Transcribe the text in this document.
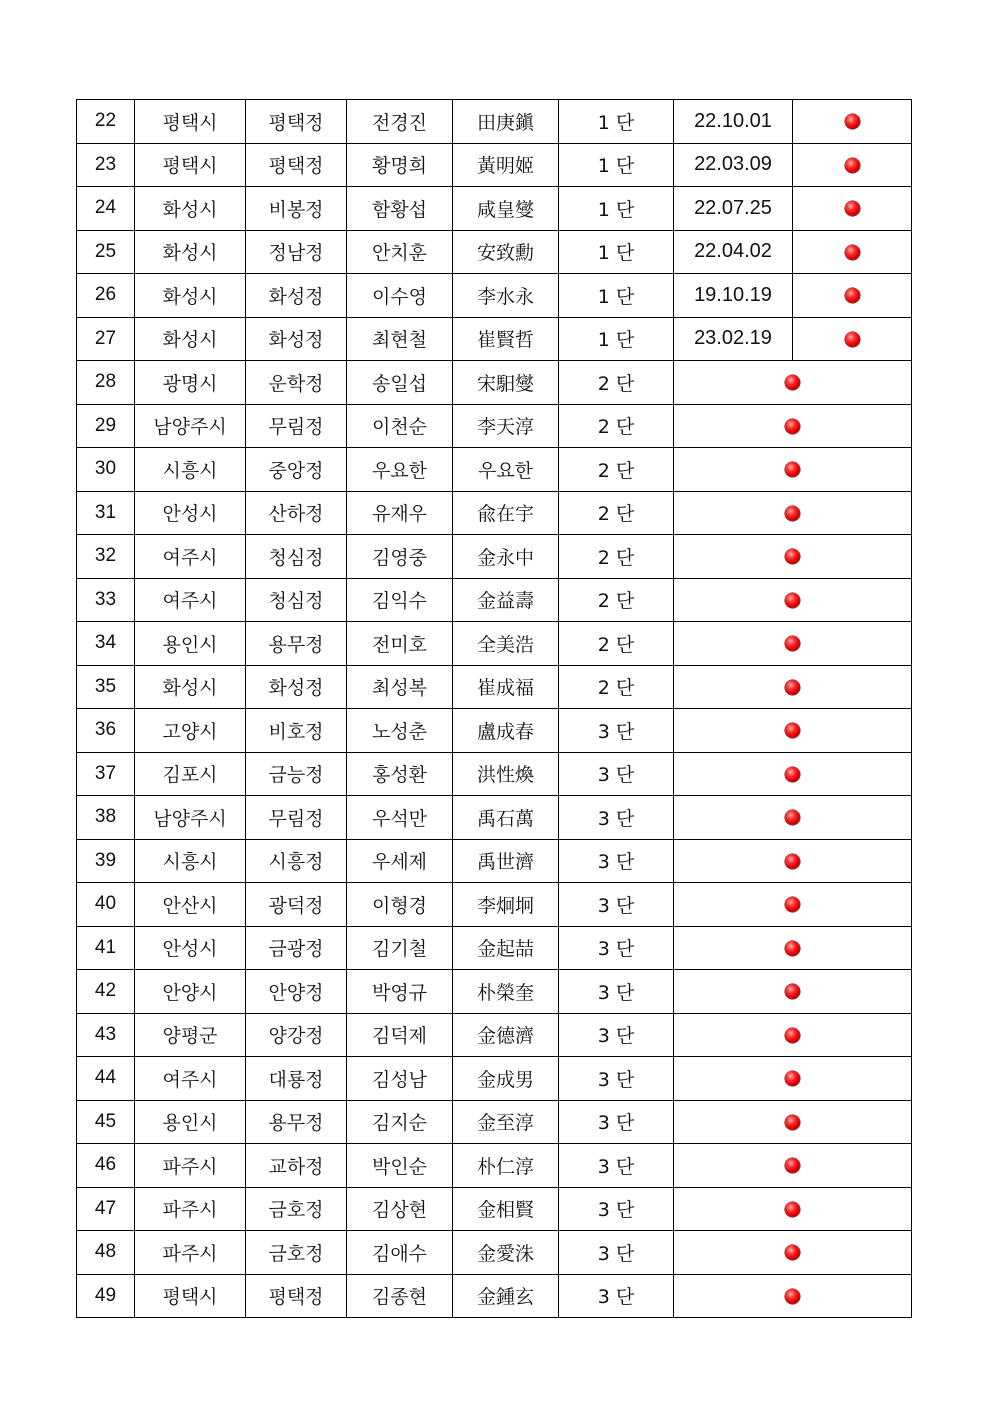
22	평택시	평택정	전경진	田庚鎭	1 단	22.10.01	
23	평택시	평택정	황명희	黃明姬	1 단	22.03.09	
24	화성시	비봉정	함황섭	咸皇燮	1 단	22.07.25	
25	화성시	정남정	안치훈	安致勳	1 단	22.04.02	
26	화성시	화성정	이수영	李水永	1 단	19.10.19	
27	화성시	화성정	최현철	崔賢哲	1 단	23.02.19	
28	광명시	운학정	송일섭	宋馹燮	2 단		
29	남양주시	무림정	이천순	李天淳	2 단		
30	시흥시	중앙정	우요한	우요한	2 단		
31	안성시	산하정	유재우	兪在宇	2 단		
32	여주시	청심정	김영중	金永中	2 단		
33	여주시	청심정	김익수	金益壽	2 단		
34	용인시	용무정	전미호	全美浩	2 단		
35	화성시	화성정	최성복	崔成福	2 단		
36	고양시	비호정	노성춘	盧成春	3 단		
37	김포시	금능정	홍성환	洪性煥	3 단		
38	남양주시	무림정	우석만	禹石萬	3 단		
39	시흥시	시흥정	우세제	禹世濟	3 단		
40	안산시	광덕정	이형경	李炯坰	3 단		
41	안성시	금광정	김기철	金起喆	3 단		
42	안양시	안양정	박영규	朴榮奎	3 단		
43	양평군	양강정	김덕제	金德濟	3 단		
44	여주시	대룡정	김성남	金成男	3 단		
45	용인시	용무정	김지순	金至淳	3 단		
46	파주시	교하정	박인순	朴仁淳	3 단		
47	파주시	금호정	김상현	金相賢	3 단		
48	파주시	금호정	김애수	金愛洙	3 단		
49	평택시	평택정	김종현	金鍾玄	3 단		
